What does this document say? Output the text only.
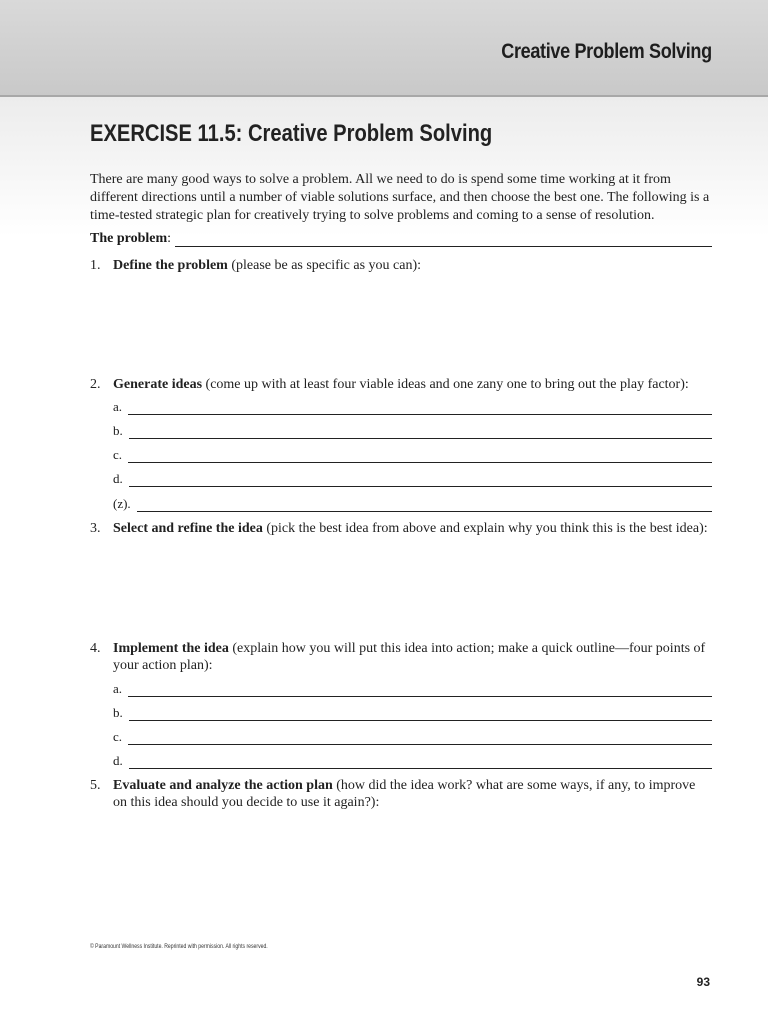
Creative Problem Solving
EXERCISE 11.5: Creative Problem Solving
There are many good ways to solve a problem. All we need to do is spend some time working at it from different directions until a number of viable solutions surface, and then choose the best one. The following is a time-tested strategic plan for creatively trying to solve problems and coming to a sense of resolution.
The problem :
1. Define the problem (please be as specific as you can):
2. Generate ideas (come up with at least four viable ideas and one zany one to bring out the play factor):
a.
b.
c.
d.
(z).
3. Select and refine the idea (pick the best idea from above and explain why you think this is the best idea):
4. Implement the idea (explain how you will put this idea into action; make a quick outline—four points of your action plan):
a.
b.
c.
d.
5. Evaluate and analyze the action plan (how did the idea work? what are some ways, if any, to improve on this idea should you decide to use it again?):
© Paramount Wellness Institute. Reprinted with permission. All rights reserved.
93
